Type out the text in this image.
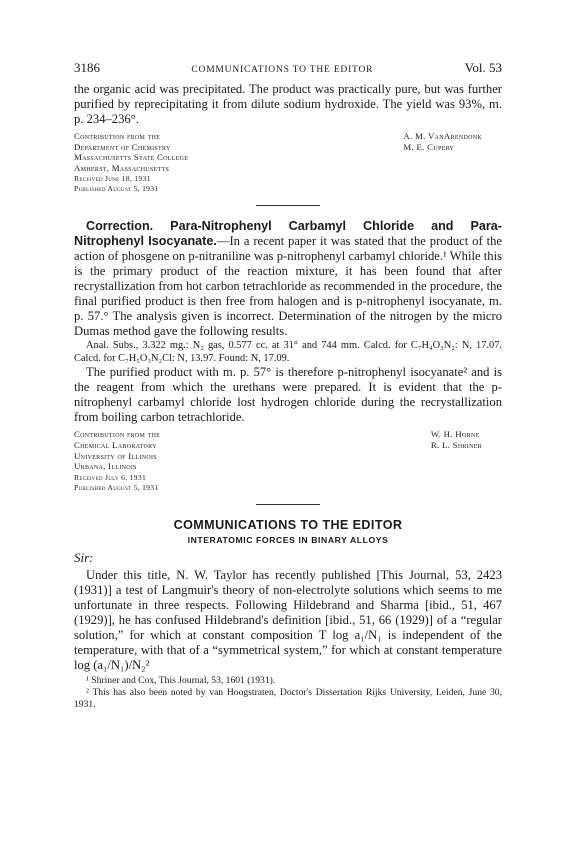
3186	COMMUNICATIONS TO THE EDITOR	Vol. 53

the organic acid was precipitated. The product was practically pure, but was further purified by reprecipitating it from dilute sodium hydroxide. The yield was 93%, m. p. 234–236°.

Contribution from the
Department of Chemistry
Massachusetts State College
Amherst, Massachusetts
Received June 18, 1931
Published August 5, 1931
A. M. VanArendonk
M. E. Cupery

Correction. Para-Nitrophenyl Carbamyl Chloride and Para-Nitrophenyl Isocyanate.—In a recent paper it was stated that the product of the action of phosgene on p-nitraniline was p-nitrophenyl carbamyl chloride.¹ While this is the primary product of the reaction mixture, it has been found that after recrystallization from hot carbon tetrachloride as recommended in the procedure, the final purified product is then free from halogen and is p-nitrophenyl isocyanate, m. p. 57.° The analysis given is incorrect. Determination of the nitrogen by the micro Dumas method gave the following results.

Anal. Subs., 3.322 mg.: N₂ gas, 0.577 cc. at 31° and 744 mm. Calcd. for C₇H₄O₃N₂: N, 17.07. Calcd. for C₇H₅O₃N₂Cl: N, 13.97. Found: N, 17.09.

The purified product with m. p. 57° is therefore p-nitrophenyl isocyanate² and is the reagent from which the urethans were prepared. It is evident that the p-nitrophenyl carbamyl chloride lost hydrogen chloride during the recrystallization from boiling carbon tetrachloride.

Contribution from the
Chemical Laboratory
University of Illinois
Urbana, Illinois
Received July 6, 1931
Published August 5, 1931
W. H. Horne
R. L. Shriner
COMMUNICATIONS TO THE EDITOR
INTERATOMIC FORCES IN BINARY ALLOYS
Sir:

Under this title, N. W. Taylor has recently published [This Journal, 53, 2423 (1931)] a test of Langmuir's theory of non-electrolyte solutions which seems to me unfortunate in three respects. Following Hildebrand and Sharma [ibid., 51, 467 (1929)], he has confused Hildebrand's definition [ibid., 51, 66 (1929)] of a “regular solution,” for which at constant composition T log a₁/N₁ is independent of the temperature, with that of a “symmetrical system,” for which at constant temperature log (a₁/N₁)/N₂²

¹ Shriner and Cox, This Journal, 53, 1601 (1931).
² This has also been noted by van Hoogstraten, Doctor's Dissertation Rijks University, Leiden, June 30, 1931.
